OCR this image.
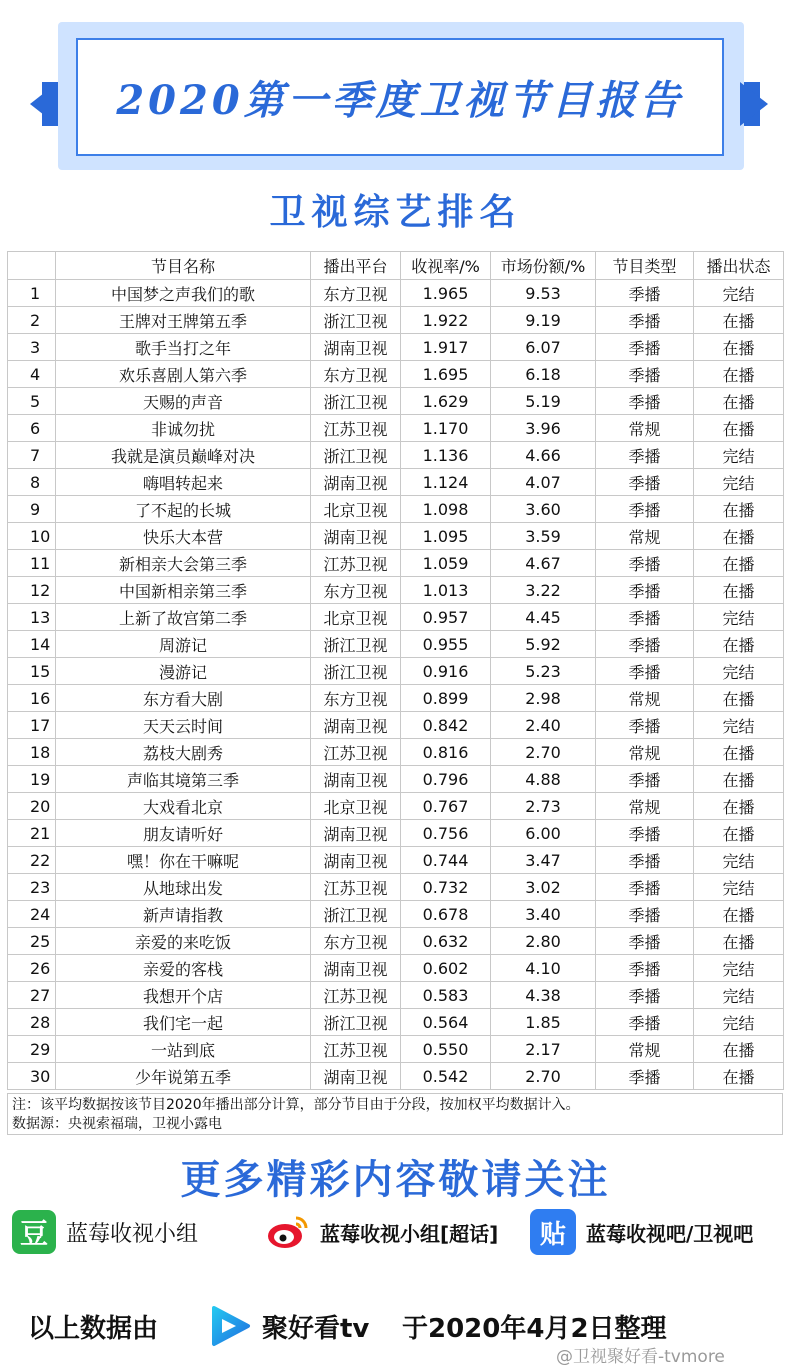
2020第一季度卫视节目报告
卫视综艺排名
	节目名称	播出平台	收视率/%	市场份额/%	节目类型	播出状态
1	中国梦之声我们的歌	东方卫视	1.965	9.53	季播	完结
2	王牌对王牌第五季	浙江卫视	1.922	9.19	季播	在播
3	歌手当打之年	湖南卫视	1.917	6.07	季播	在播
4	欢乐喜剧人第六季	东方卫视	1.695	6.18	季播	在播
5	天赐的声音	浙江卫视	1.629	5.19	季播	在播
6	非诚勿扰	江苏卫视	1.170	3.96	常规	在播
7	我就是演员巅峰对决	浙江卫视	1.136	4.66	季播	完结
8	嗨唱转起来	湖南卫视	1.124	4.07	季播	完结
9	了不起的长城	北京卫视	1.098	3.60	季播	在播
10	快乐大本营	湖南卫视	1.095	3.59	常规	在播
11	新相亲大会第三季	江苏卫视	1.059	4.67	季播	在播
12	中国新相亲第三季	东方卫视	1.013	3.22	季播	在播
13	上新了故宫第二季	北京卫视	0.957	4.45	季播	完结
14	周游记	浙江卫视	0.955	5.92	季播	在播
15	漫游记	浙江卫视	0.916	5.23	季播	完结
16	东方看大剧	东方卫视	0.899	2.98	常规	在播
17	天天云时间	湖南卫视	0.842	2.40	季播	完结
18	荔枝大剧秀	江苏卫视	0.816	2.70	常规	在播
19	声临其境第三季	湖南卫视	0.796	4.88	季播	在播
20	大戏看北京	北京卫视	0.767	2.73	常规	在播
21	朋友请听好	湖南卫视	0.756	6.00	季播	在播
22	嘿！你在干嘛呢	湖南卫视	0.744	3.47	季播	完结
23	从地球出发	江苏卫视	0.732	3.02	季播	完结
24	新声请指教	浙江卫视	0.678	3.40	季播	在播
25	亲爱的来吃饭	东方卫视	0.632	2.80	季播	在播
26	亲爱的客栈	湖南卫视	0.602	4.10	季播	完结
27	我想开个店	江苏卫视	0.583	4.38	季播	完结
28	我们宅一起	浙江卫视	0.564	1.85	季播	完结
29	一站到底	江苏卫视	0.550	2.17	常规	在播
30	少年说第五季	湖南卫视	0.542	2.70	季播	在播
注：该平均数据按该节目2020年播出部分计算，部分节目由于分段，按加权平均数据计入。
数据源：央视索福瑞，卫视小露电
更多精彩内容敬请关注
豆 蓝莓收视小组	蓝莓收视小组[超话]	贴	蓝莓收视吧/卫视吧
以上数据由	聚好看tv 于2020年4月2日整理
@卫视聚好看-tvmore
